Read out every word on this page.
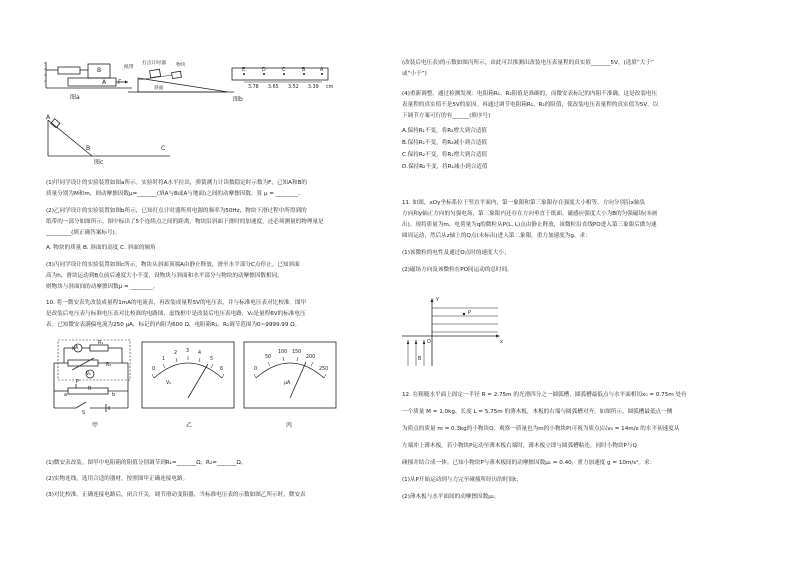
B
A F
图a
纸带
打点计时器 物块
斜面
E	D	C	B	A
3.78 3.65 3.52 3.39 cm
图b
A
B	C
图c
(1)甲同学设计的实验装置如图a所示。实验时将A水平拉出，弹簧测力计读数稳定时示数为F，已知A和B的
质量分别为M和m，则动摩擦因数μ=_______(填A与B或A与地面)之间的动摩擦因数，算 μ = ________。
(2)乙同学设计的实验装置如图b所示，已知打点计时器所用电源的频率为50Hz，物块下滑过程中所得到的
纸带的一部分如图所示，图中标出了5个连续点之间的距离，物块沿斜面下滑时的加速度，还必须测量的物理量是
_________(填正确答案标号)。
A. 物块的质量 B. 斜面的高度 C. 斜面的倾角
(3)丙同学设计的实验装置如图c所示，物块从斜面顶端A由静止释放，滑至水平部分C点停止。已知斜面
高为h，滑块运动到B点前后速度大小不变，设物块与斜面和水平部分与物块的动摩擦因数相同，
则物块与斜面间的动摩擦因数μ = ________。
10. 将一微安表先改装成量程1mA的电流表，再改装成量程5V的电压表，并与标准电压表对比校准。图甲
是改装后电压表与标准电压表对比校准的电路图，虚线框中是改装后电压表电路，V₀是量程6V的标准电压
表。已知微安表满偏电流为250 μA，标记的内阻为600 Ω，电阻箱R₁、R₂调节范围为0~9999.99 Ω。
μA
R₁
R₂
V₀
P
a
R
b
S
甲
0
1
2 3 4
5
6
V₀
乙
0
50
100 150
200
250
μA
丙
(1)微安表改装。图甲中电阻箱的阻值分别调节到R₁=_______Ω，R₂=_______Ω。
(2)实物连线。选用合适的器材，按照图甲正确连接电路。
(3)对比校准。正确连接电路后，闭合开关，调节滑动变阻器，当标准电压表的示数如图乙所示时，微安表
(改装后电压表)的示数如图丙所示，由此可以推测出改装电压表量程的真实值_______5V。(选填“大于”
或“小于”)
(4)重新调整。通过检测发现：电阻箱R₁、R₂阻值是准确的，而微安表标记的内阻不准确，这是改装电压
表量程的真实值不是5V的原因。再通过调节电阻箱R₁、R₂的阻值，使改装电压表量程的真实值为5V，以
下调节方案可行的有______(填序号)
A.保持R₁不变，将R₂增大到合适值
B.保持R₁不变，将R₂减小到合适值
C.保持R₂不变，将R₁增大到合适值
D.保持R₂不变，将R₁减小到合适值
11. 如图，xOy坐标系位于竖直平面内，第一象限和第三象限存在强度大小相等、方向分别沿x轴负
方向和y轴正方向的匀强电场，第三象限内还存在方向垂直于纸面、磁感应强度大小为B的匀强磁场(未画
出)。现将质量为m、电荷量为q的微粒从P(L, L)点由静止释放，该微粒沿直线PO进入第三象限后做匀速
圆周运动，然后从z轴上的Q点(未标出)进入第二象限。重力加速度为g。求：
(1)该微粒的电性及通过O点时的速度大小；
(2)磁场方向及该微粒在PO间运动的总时间。
y
x
O
P
B
12. 在粗糙水平面上固定一半径 R = 2.75m 的光滑四分之一圆弧槽，圆弧槽最低点与水平面相切x₀ = 0.75m 处有
一个质量 M = 1.0kg、长度 L = 5.75m 的薄木板，木板的右端与圆弧槽对齐，如图所示。圆弧槽最低点一侧
为质点的质量 m = 0.3kg的小物块Q，观察一质量也为m的小物块P(可视为质点)以v₀ = 14m/s 的水平初速度从
左端冲上薄木板。若小物块P运动至薄木板右端时，薄木板立即与圆弧槽粘连，同时小物块P与Q
碰撞并结合成一体。已知小物块P与薄木板间的动摩擦因数μ₁ = 0.40，重力加速度 g = 10m/s²。求：
(1)从P开始运动到与力完至碰撞所经历的时间t；
(2)薄木板与水平面间的动摩擦因数μ₂。
